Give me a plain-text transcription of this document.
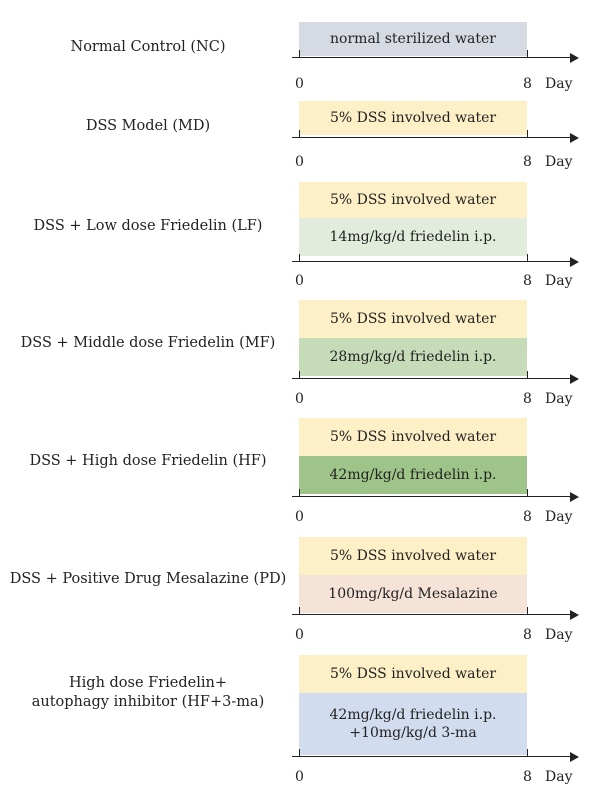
Normal Control (NC)	normal sterilized water
0	8 Day
DSS Model (MD)	5% DSS involved water
0	8 Day
DSS + Low dose Friedelin (LF)
5% DSS involved water
14mg/kg/d friedelin i.p.
0	8 Day
DSS + Middle dose Friedelin (MF)
5% DSS involved water
28mg/kg/d friedelin i.p.
0	8 Day
DSS + High dose Friedelin (HF)
5% DSS involved water
42mg/kg/d friedelin i.p.
0	8 Day
DSS + Positive Drug Mesalazine (PD)
5% DSS involved water
100mg/kg/d Mesalazine
0	8 Day
High dose Friedelin+
autophagy inhibitor (HF+3-ma)
5% DSS involved water
42mg/kg/d friedelin i.p.
+10mg/kg/d 3-ma
0	8 Day
